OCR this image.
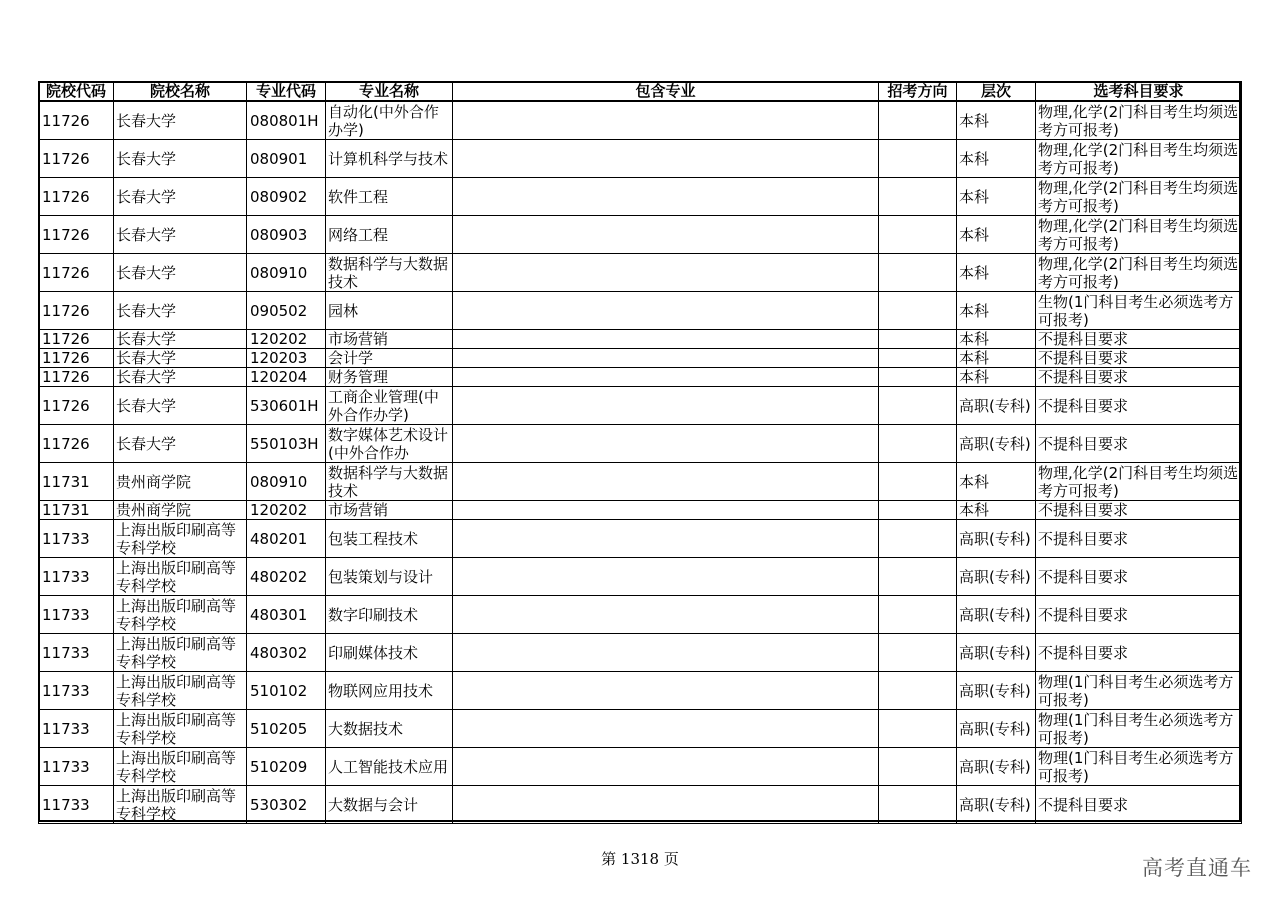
院校代码	院校名称	专业代码	专业名称	包含专业	招考方向	层次	选考科目要求
11726	长春大学	080801H	自动化(中外合作办学)			本科	物理,化学(2门科目考生均须选考方可报考)
11726	长春大学	080901	计算机科学与技术			本科	物理,化学(2门科目考生均须选考方可报考)
11726	长春大学	080902	软件工程			本科	物理,化学(2门科目考生均须选考方可报考)
11726	长春大学	080903	网络工程			本科	物理,化学(2门科目考生均须选考方可报考)
11726	长春大学	080910	数据科学与大数据技术			本科	物理,化学(2门科目考生均须选考方可报考)
11726	长春大学	090502	园林			本科	生物(1门科目考生必须选考方可报考)
11726	长春大学	120202	市场营销			本科	不提科目要求
11726	长春大学	120203	会计学			本科	不提科目要求
11726	长春大学	120204	财务管理			本科	不提科目要求
11726	长春大学	530601H	工商企业管理(中外合作办学)			高职(专科)	不提科目要求
11726	长春大学	550103H	数字媒体艺术设计(中外合作办			高职(专科)	不提科目要求
11731	贵州商学院	080910	数据科学与大数据技术			本科	物理,化学(2门科目考生均须选考方可报考)
11731	贵州商学院	120202	市场营销			本科	不提科目要求
11733	上海出版印刷高等专科学校	480201	包装工程技术			高职(专科)	不提科目要求
11733	上海出版印刷高等专科学校	480202	包装策划与设计			高职(专科)	不提科目要求
11733	上海出版印刷高等专科学校	480301	数字印刷技术			高职(专科)	不提科目要求
11733	上海出版印刷高等专科学校	480302	印刷媒体技术			高职(专科)	不提科目要求
11733	上海出版印刷高等专科学校	510102	物联网应用技术			高职(专科)	物理(1门科目考生必须选考方可报考)
11733	上海出版印刷高等专科学校	510205	大数据技术			高职(专科)	物理(1门科目考生必须选考方可报考)
11733	上海出版印刷高等专科学校	510209	人工智能技术应用			高职(专科)	物理(1门科目考生必须选考方可报考)
11733	上海出版印刷高等专科学校	530302	大数据与会计			高职(专科)	不提科目要求
第 1318 页	高考直通车
